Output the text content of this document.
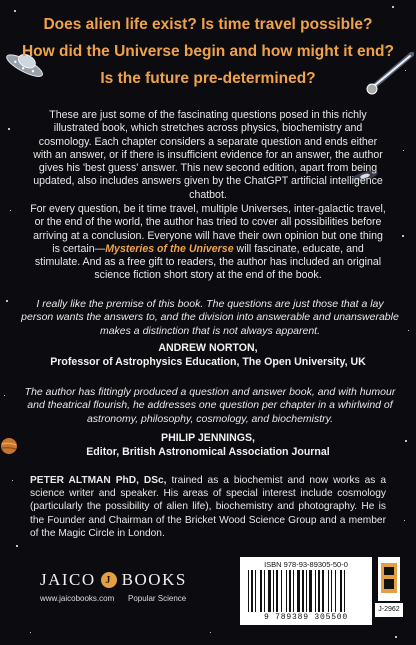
Does alien life exist? Is time travel possible?
How did the Universe begin and how might it end?
Is the future pre-determined?

These are just some of the fascinating questions posed in this richly illustrated book, which stretches across physics, biochemistry and cosmology. Each chapter considers a separate question and ends either with an answer, or if there is insufficient evidence for an answer, the author gives his 'best guess' answer. This new second edition, apart from being updated, also includes answers given by the ChatGPT artificial intelligence chatbot.

For every question, be it time travel, multiple Universes, inter-galactic travel, or the end of the world, the author has tried to cover all possibilities before arriving at a conclusion. Everyone will have their own opinion but one thing is certain—Mysteries of the Universe will fascinate, educate, and stimulate. And as a free gift to readers, the author has included an original science fiction short story at the end of the book.

I really like the premise of this book. The questions are just those that a lay person wants the answers to, and the division into answerable and unanswerable makes a distinction that is not always apparent.

ANDREW NORTON,
Professor of Astrophysics Education, The Open University, UK

The author has fittingly produced a question and answer book, and with humour and theatrical flourish, he addresses one question per chapter in a whirlwind of astronomy, philosophy, cosmology, and biochemistry.

PHILIP JENNINGS,
Editor, British Astronomical Association Journal

PETER ALTMAN PhD, DSc, trained as a biochemist and now works as a science writer and speaker. His areas of special interest include cosmology (particularly the possibility of alien life), biochemistry and photography. He is the Founder and Chairman of the Bricket Wood Science Group and a member of the Magic Circle in London.

JAICO J BOOKS
www.jaicobooks.com Popular Science
ISBN 978-93-89305-50-0
9 789389 305500
J-2962
